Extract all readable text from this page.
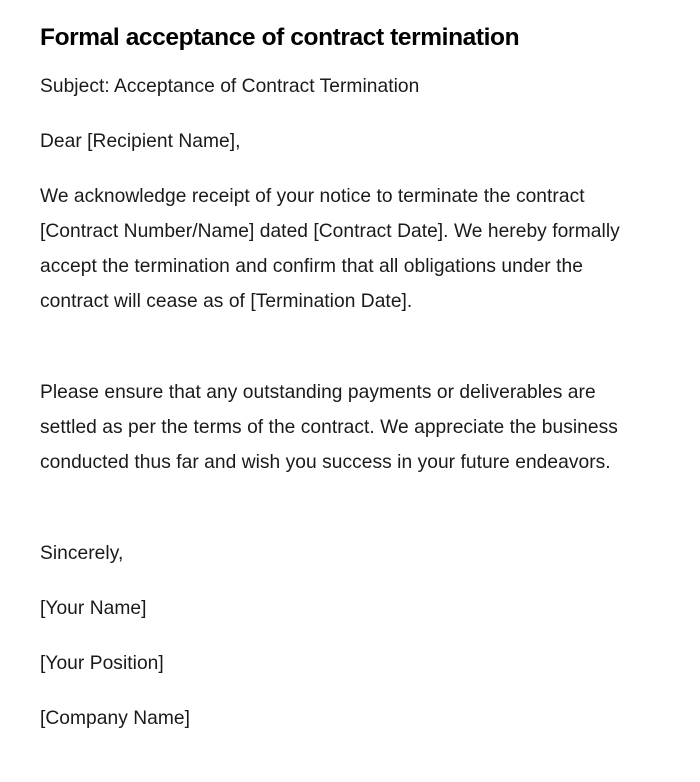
Formal acceptance of contract termination

Subject: Acceptance of Contract Termination

Dear [Recipient Name],

We acknowledge receipt of your notice to terminate the contract [Contract Number/Name] dated [Contract Date]. We hereby formally accept the termination and confirm that all obligations under the contract will cease as of [Termination Date].

Please ensure that any outstanding payments or deliverables are settled as per the terms of the contract. We appreciate the business conducted thus far and wish you success in your future endeavors.

Sincerely,

[Your Name]

[Your Position]

[Company Name]
